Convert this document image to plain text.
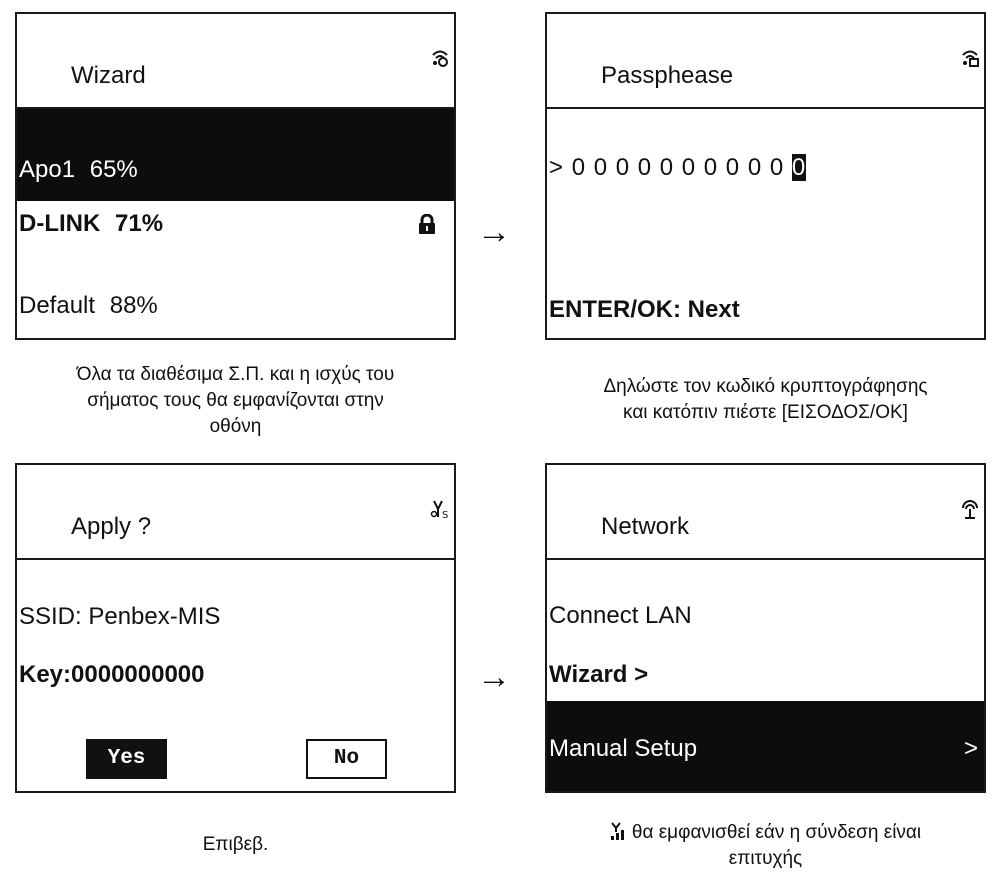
Wizard
Apo1 65%
D-LINK 71%
Default 88%
Όλα τα διαθέσιμα Σ.Π. και η ισχύς του
σήματος τους θα εμφανίζονται στην
οθόνη
→
Passphease
> 0 0 0 0 0 0 0 0 0 0 0
ENTER/OK: Next
Δηλώστε τον κωδικό κρυπτογράφησης
και κατόπιν πιέστε [ΕΙΣΟΔΟΣ/OK]
Apply ?	S
SSID: Penbex-MIS
Key:0000000000
Yes	No
Επιβεβ.
→
Network
Connect LAN
Wizard >
Manual Setup	>
θα εμφανισθεί εάν η σύνδεση είναι
επιτυχής
